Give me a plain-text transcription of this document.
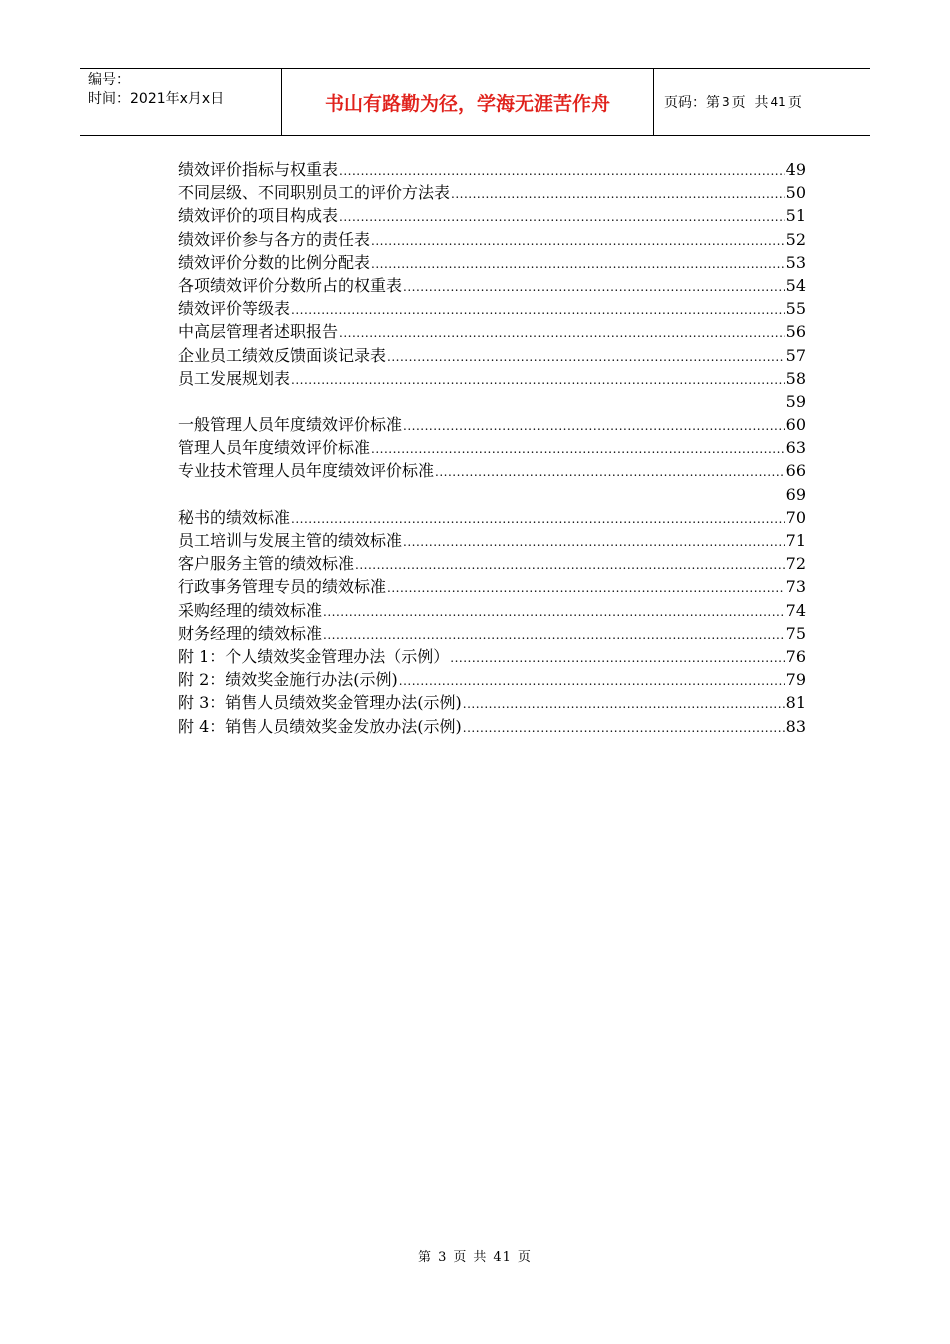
编号：
时间：2021年x月x日	书山有路勤为径，学海无涯苦作舟	页码：第 3 页  共 41 页
绩效评价指标与权重表 .....	49
不同层级、不同职别员工的评价方法表 .....	50
绩效评价的项目构成表 .....	51
绩效评价参与各方的责任表 .....	52
绩效评价分数的比例分配表 .....	53
各项绩效评价分数所占的权重表 .....	54
绩效评价等级表 .....	55
中高层管理者述职报告 .....	56
企业员工绩效反馈面谈记录表 .....	57
员工发展规划表 .....	58
59
一般管理人员年度绩效评价标准 .....	60
管理人员年度绩效评价标准 .....	63
专业技术管理人员年度绩效评价标准 .....	66
69
秘书的绩效标准 .....	70
员工培训与发展主管的绩效标准 .....	71
客户服务主管的绩效标准 .....	72
行政事务管理专员的绩效标准 .....	73
采购经理的绩效标准 .....	74
财务经理的绩效标准 .....	75
附 1：个人绩效奖金管理办法（示例） .....	76
附 2：绩效奖金施行办法(示例) .....	79
附 3：销售人员绩效奖金管理办法(示例) .....	81
附 4：销售人员绩效奖金发放办法(示例) .....	83
第 3 页 共 41 页
